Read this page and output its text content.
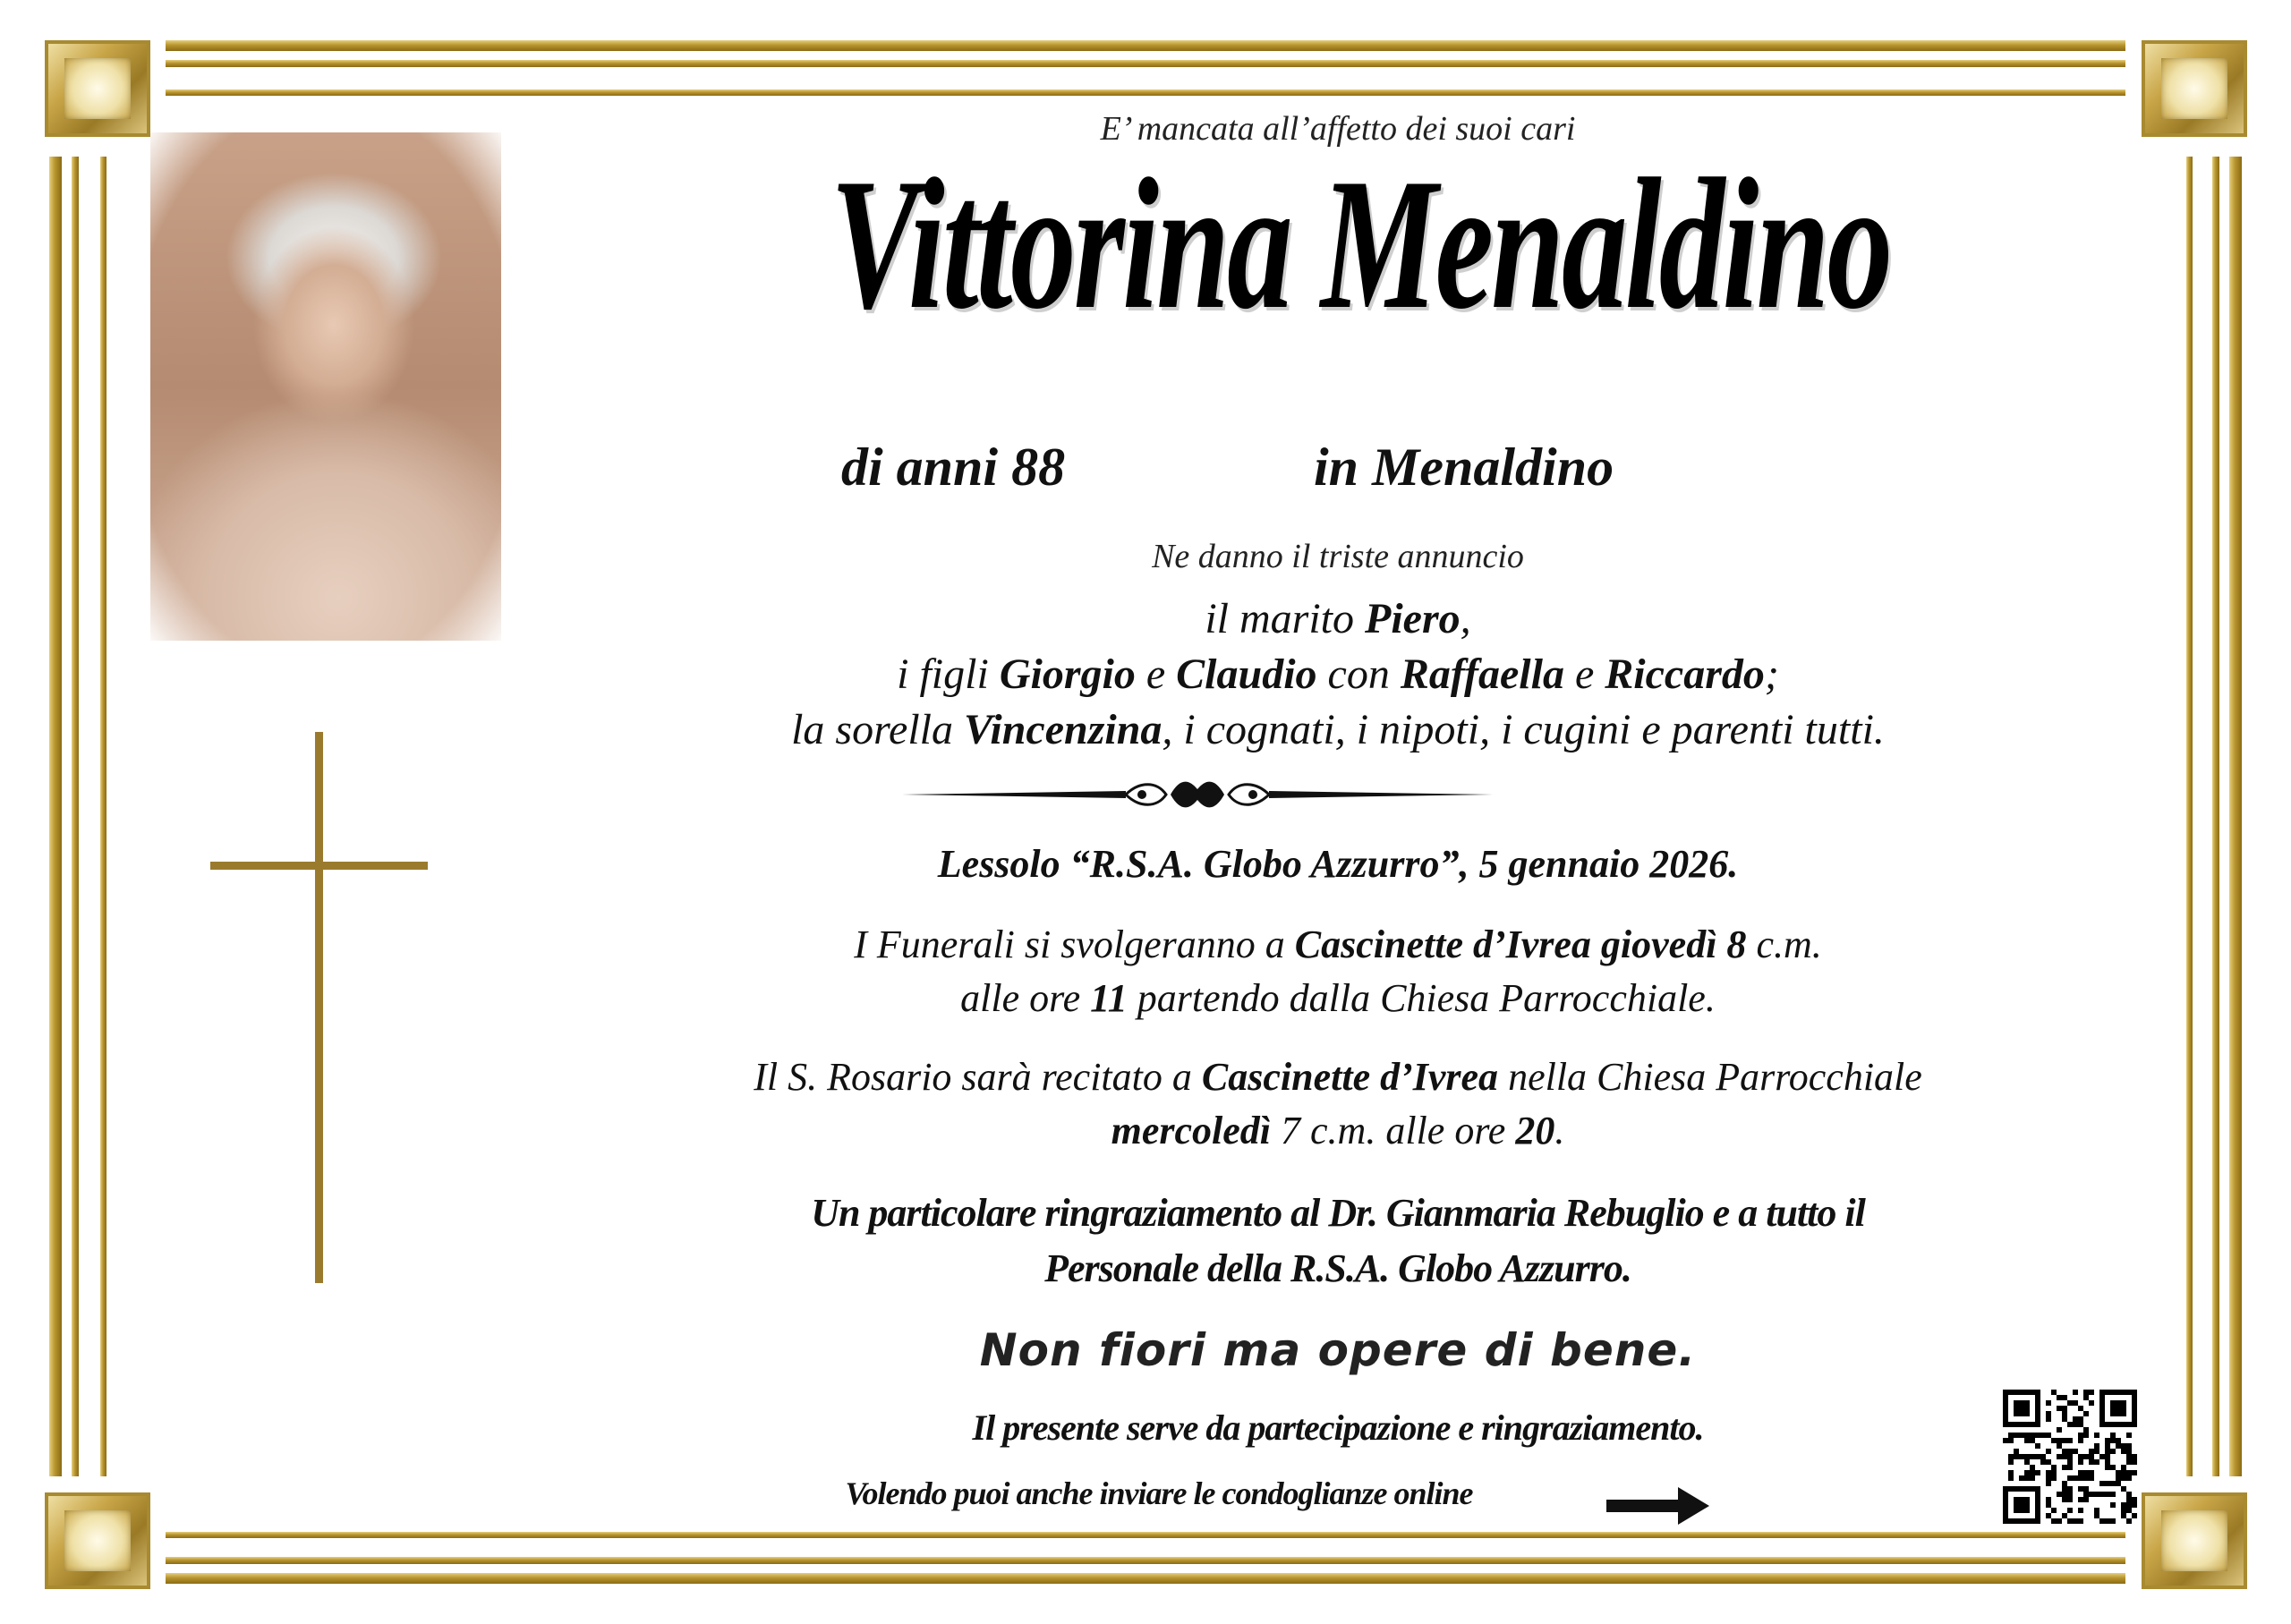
E’ mancata all’affetto dei suoi cari
Vittorina Menaldino
di anni 88	in Menaldino
Ne danno il triste annuncio
il marito Piero,
i figli Giorgio e Claudio con Raffaella e Riccardo;
la sorella Vincenzina, i cognati, i nipoti, i cugini e parenti tutti.
Lessolo “R.S.A. Globo Azzurro”, 5 gennaio 2026.
I Funerali si svolgeranno a Cascinette d’Ivrea giovedì 8 c.m.
alle ore 11 partendo dalla Chiesa Parrocchiale.
Il S. Rosario sarà recitato a Cascinette d’Ivrea nella Chiesa Parrocchiale
mercoledì 7 c.m. alle ore 20.
Un particolare ringraziamento al Dr. Gianmaria Rebuglio e a tutto il
Personale della R.S.A. Globo Azzurro.
Non fiori ma opere di bene.
Il presente serve da partecipazione e ringraziamento.
Volendo puoi anche inviare le condoglianze online
